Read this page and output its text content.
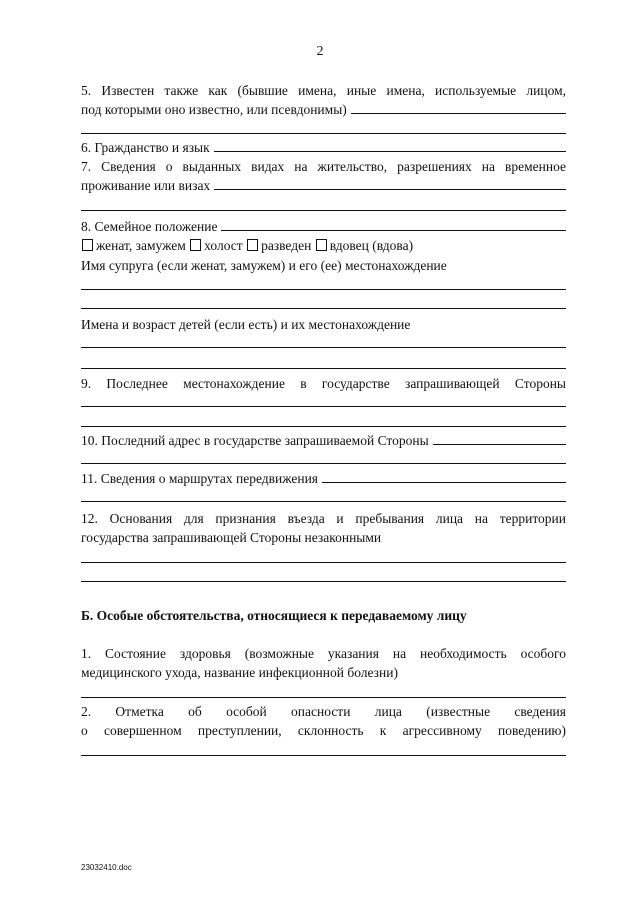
2
5. Известен также как (бывшие имена, иные имена, используемые лицом,
под которыми оно известно, или псевдонимы)
6. Гражданство и язык
7. Сведения о выданных видах на жительство, разрешениях на временное
проживание или визах
8. Семейное положение
женат, замужем холост разведен вдовец (вдова)
Имя супруга (если женат, замужем) и его (ее) местонахождение
Имена и возраст детей (если есть) и их местонахождение
9. Последнее местонахождение в государстве запрашивающей Стороны
10. Последний адрес в государстве запрашиваемой Стороны
11. Сведения о маршрутах передвижения
12. Основания для признания въезда и пребывания лица на территории
государства запрашивающей Стороны незаконными
Б. Особые обстоятельства, относящиеся к передаваемому лицу
1. Состояние здоровья (возможные указания на необходимость особого
медицинского ухода, название инфекционной болезни)
2. Отметка об особой опасности лица (известные сведения
о совершенном преступлении, склонность к агрессивному поведению)
23032410.doc
